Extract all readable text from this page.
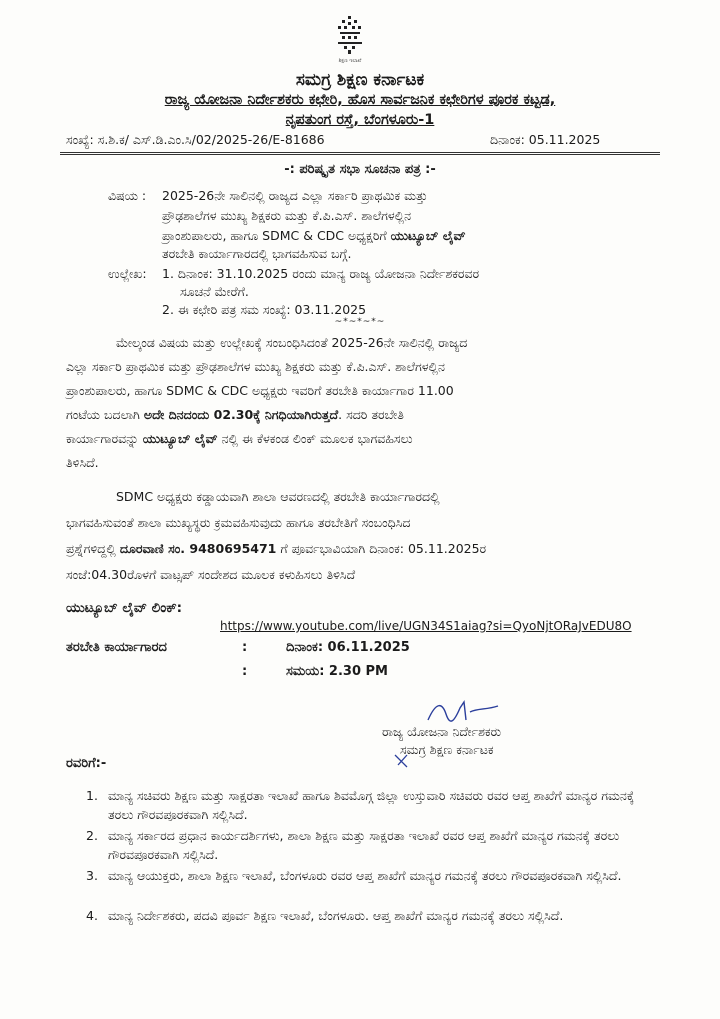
ಶಿಕ್ಷಣ ಇಲಾಖೆ
ಸಮಗ್ರ ಶಿಕ್ಷಣ ಕರ್ನಾಟಕ
ರಾಜ್ಯ ಯೋಜನಾ ನಿರ್ದೇಶಕರು ಕಛೇರಿ, ಹೊಸ ಸಾರ್ವಜನಿಕ ಕಛೇರಿಗಳ ಪೂರಕ ಕಟ್ಟಡ,
ನೃಪತುಂಗ ರಸ್ತೆ, ಬೆಂಗಳೂರು-1
ಸಂಖ್ಯೆ: ಸ.ಶಿ.ಕ/ ಎಸ್.ಡಿ.ಎಂ.ಸಿ/02/2025-26/E-81686	ದಿನಾಂಕ: 05.11.2025
-: ಪರಿಷ್ಕೃತ ಸಭಾ ಸೂಚನಾ ಪತ್ರ :-
ವಿಷಯ : 2025-26ನೇ ಸಾಲಿನಲ್ಲಿ ರಾಜ್ಯದ ಎಲ್ಲಾ ಸರ್ಕಾರಿ ಪ್ರಾಥಮಿಕ ಮತ್ತು
ಪ್ರೌಢಶಾಲೆಗಳ ಮುಖ್ಯ ಶಿಕ್ಷಕರು ಮತ್ತು ಕೆ.ಪಿ.ಎಸ್. ಶಾಲೆಗಳಲ್ಲಿನ
ಪ್ರಾಂಶುಪಾಲರು, ಹಾಗೂ SDMC & CDC ಅಧ್ಯಕ್ಷರಿಗೆ ಯುಟ್ಯೂಬ್ ಲೈವ್
ತರಬೇತಿ ಕಾರ್ಯಾಗಾರದಲ್ಲಿ ಭಾಗವಹಿಸುವ ಬಗ್ಗೆ.
ಉಲ್ಲೇಖ: 1. ದಿನಾಂಕ: 31.10.2025 ರಂದು ಮಾನ್ಯ ರಾಜ್ಯ ಯೋಜನಾ ನಿರ್ದೇಶಕರವರ
ಸೂಚನೆ ಮೇರೆಗೆ.
2. ಈ ಕಛೇರಿ ಪತ್ರ ಸಮ ಸಂಖ್ಯೆ: 03.11.2025
~*~*~*~
ಮೇಲ್ಕಂಡ ವಿಷಯ ಮತ್ತು ಉಲ್ಲೇಖಕ್ಕೆ ಸಂಬಂಧಿಸಿದಂತೆ 2025-26ನೇ ಸಾಲಿನಲ್ಲಿ ರಾಜ್ಯದ
ಎಲ್ಲಾ ಸರ್ಕಾರಿ ಪ್ರಾಥಮಿಕ ಮತ್ತು ಪ್ರೌಢಶಾಲೆಗಳ ಮುಖ್ಯ ಶಿಕ್ಷಕರು ಮತ್ತು ಕೆ.ಪಿ.ಎಸ್. ಶಾಲೆಗಳಲ್ಲಿನ
ಪ್ರಾಂಶುಪಾಲರು, ಹಾಗೂ SDMC & CDC ಅಧ್ಯಕ್ಷರು ಇವರಿಗೆ ತರಬೇತಿ ಕಾರ್ಯಾಗಾರ 11.00
ಗಂಟೆಯ ಬದಲಾಗಿ ಅದೇ ದಿನದಂದು 02.30ಕ್ಕೆ ನಿಗಧಿಯಾಗಿರುತ್ತದೆ. ಸದರಿ ತರಬೇತಿ
ಕಾರ್ಯಾಗಾರವನ್ನು ಯುಟ್ಯೂಬ್ ಲೈವ್ ನಲ್ಲಿ ಈ ಕೆಳಕಂಡ ಲಿಂಕ್ ಮೂಲಕ ಭಾಗವಹಿಸಲು
ತಿಳಿಸಿದೆ.
SDMC ಅಧ್ಯಕ್ಷರು ಕಡ್ಡಾಯವಾಗಿ ಶಾಲಾ ಆವರಣದಲ್ಲಿ ತರಬೇತಿ ಕಾರ್ಯಾಗಾರದಲ್ಲಿ
ಭಾಗವಹಿಸುವಂತೆ ಶಾಲಾ ಮುಖ್ಯಸ್ಥರು ಕ್ರಮವಹಿಸುವುದು ಹಾಗೂ ತರಬೇತಿಗೆ ಸಂಬಂಧಿಸಿದ
ಪ್ರಶ್ನೆಗಳಿದ್ದಲ್ಲಿ ದೂರವಾಣಿ ಸಂ. 9480695471 ಗೆ ಪೂರ್ವಭಾವಿಯಾಗಿ ದಿನಾಂಕ: 05.11.2025ರ
ಸಂಜೆ:04.30ರೊಳಗೆ ವಾಟ್ಸಪ್ ಸಂದೇಶದ ಮೂಲಕ ಕಳುಹಿಸಲು ತಿಳಿಸಿದೆ
ಯುಟ್ಯೂಬ್ ಲೈವ್ ಲಿಂಕ್:
https://www.youtube.com/live/UGN34S1aiag?si=QyoNjtORaJvEDU8O
ತರಬೇತಿ ಕಾರ್ಯಾಗಾರದ	:	ದಿನಾಂಕ: 06.11.2025
:	ಸಮಯ: 2.30 PM
ರಾಜ್ಯ ಯೋಜನಾ ನಿರ್ದೇಶಕರು
ಸಮಗ್ರ ಶಿಕ್ಷಣ ಕರ್ನಾಟಕ
ರವರಿಗೆ:-
1. ಮಾನ್ಯ ಸಚಿವರು ಶಿಕ್ಷಣ ಮತ್ತು ಸಾಕ್ಷರತಾ ಇಲಾಖೆ ಹಾಗೂ ಶಿವಮೊಗ್ಗ ಜಿಲ್ಲಾ ಉಸ್ತುವಾರಿ ಸಚಿವರು ರವರ ಆಪ್ತ ಶಾಖೆಗೆ ಮಾನ್ಯರ ಗಮನಕ್ಕೆ ತರಲು ಗೌರವಪೂರಕವಾಗಿ ಸಲ್ಲಿಸಿದೆ.
2. ಮಾನ್ಯ ಸರ್ಕಾರದ ಪ್ರಧಾನ ಕಾರ್ಯದರ್ಶಿಗಳು, ಶಾಲಾ ಶಿಕ್ಷಣ ಮತ್ತು ಸಾಕ್ಷರತಾ ಇಲಾಖೆ ರವರ ಆಪ್ತ ಶಾಖೆಗೆ ಮಾನ್ಯರ ಗಮನಕ್ಕೆ ತರಲು ಗೌರವಪೂರಕವಾಗಿ ಸಲ್ಲಿಸಿದೆ.
3. ಮಾನ್ಯ ಆಯುಕ್ತರು, ಶಾಲಾ ಶಿಕ್ಷಣ ಇಲಾಖೆ, ಬೆಂಗಳೂರು ರವರ ಆಪ್ತ ಶಾಖೆಗೆ ಮಾನ್ಯರ ಗಮನಕ್ಕೆ ತರಲು ಗೌರವಪೂರಕವಾಗಿ ಸಲ್ಲಿಸಿದೆ.
4. ಮಾನ್ಯ ನಿರ್ದೇಶಕರು, ಪದವಿ ಪೂರ್ವ ಶಿಕ್ಷಣ ಇಲಾಖೆ, ಬೆಂಗಳೂರು. ಆಪ್ತ ಶಾಖೆಗೆ ಮಾನ್ಯರ ಗಮನಕ್ಕೆ ತರಲು ಸಲ್ಲಿಸಿದೆ.
